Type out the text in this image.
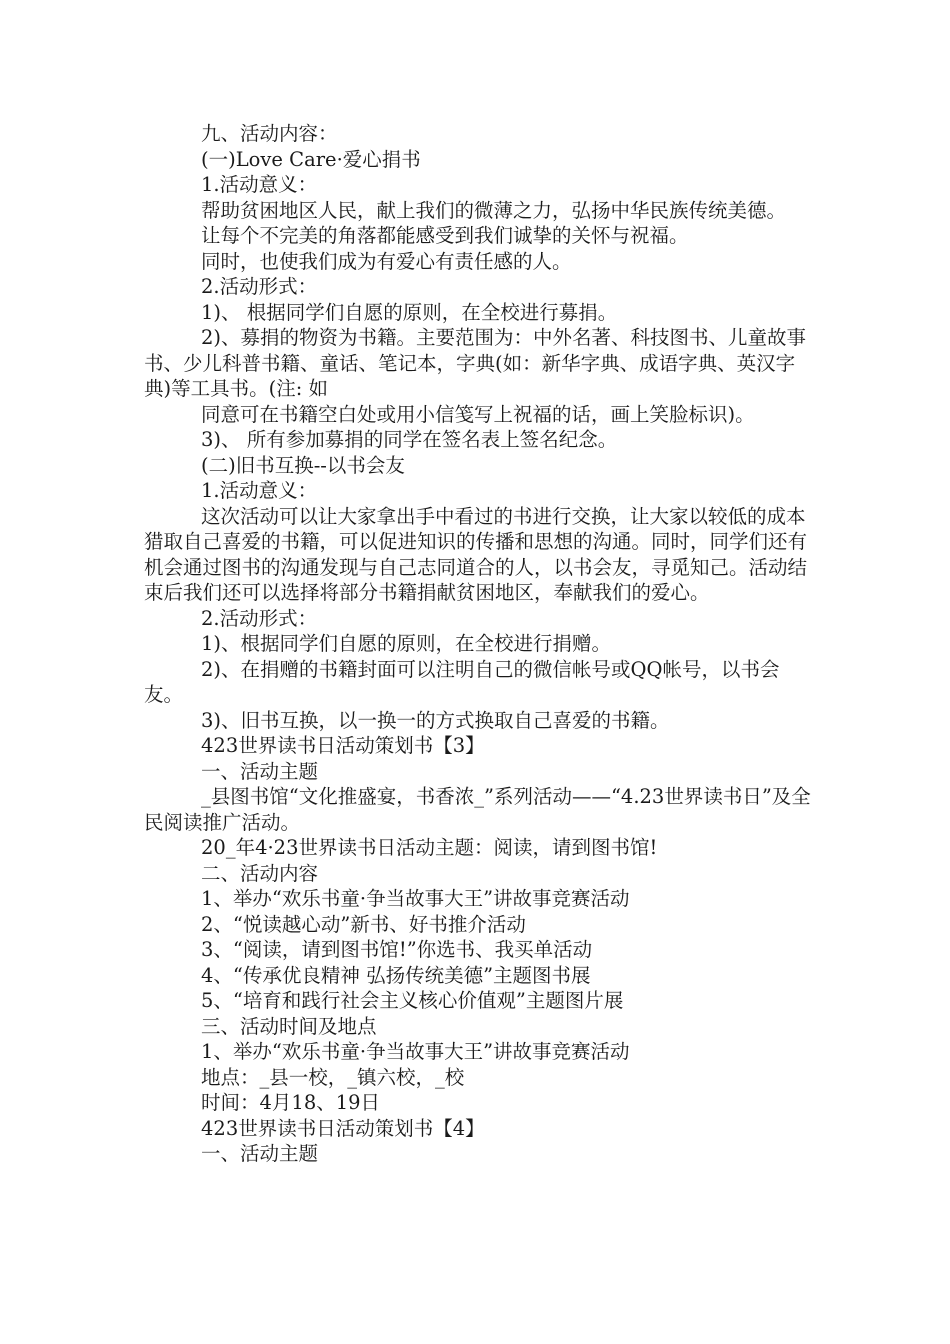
九、活动内容：

(一)Love Care·爱心捐书

1.活动意义：

帮助贫困地区人民，献上我们的微薄之力，弘扬中华民族传统美德。

让每个不完美的角落都能感受到我们诚挚的关怀与祝福。

同时，也使我们成为有爱心有责任感的人。

2.活动形式：

1)、 根据同学们自愿的原则，在全校进行募捐。

2)、募捐的物资为书籍。主要范围为：中外名著、科技图书、儿童故事书、少儿科普书籍、童话、笔记本，字典(如：新华字典、成语字典、英汉字典)等工具书。(注: 如

同意可在书籍空白处或用小信笺写上祝福的话，画上笑脸标识)。

3)、 所有参加募捐的同学在签名表上签名纪念。

(二)旧书互换--以书会友

1.活动意义：

这次活动可以让大家拿出手中看过的书进行交换，让大家以较低的成本猎取自己喜爱的书籍，可以促进知识的传播和思想的沟通。同时，同学们还有机会通过图书的沟通发现与自己志同道合的人，以书会友，寻觅知己。活动结束后我们还可以选择将部分书籍捐献贫困地区，奉献我们的爱心。

2.活动形式：

1)、根据同学们自愿的原则，在全校进行捐赠。

2)、在捐赠的书籍封面可以注明自己的微信帐号或QQ帐号，以书会友。

3)、旧书互换，以一换一的方式换取自己喜爱的书籍。

423世界读书日活动策划书【3】

一、活动主题

_县图书馆“文化推盛宴，书香浓_”系列活动——“4.23世界读书日”及全民阅读推广活动。

20_年4·23世界读书日活动主题：阅读，请到图书馆!

二、活动内容

1、举办“欢乐书童·争当故事大王”讲故事竞赛活动

2、“悦读越心动”新书、好书推介活动

3、“阅读，请到图书馆!”你选书、我买单活动

4、“传承优良精神 弘扬传统美德”主题图书展

5、“培育和践行社会主义核心价值观”主题图片展

三、活动时间及地点

1、举办“欢乐书童·争当故事大王”讲故事竞赛活动

地点：_县一校，_镇六校，_校

时间：4月18、19日

423世界读书日活动策划书【4】

一、活动主题
